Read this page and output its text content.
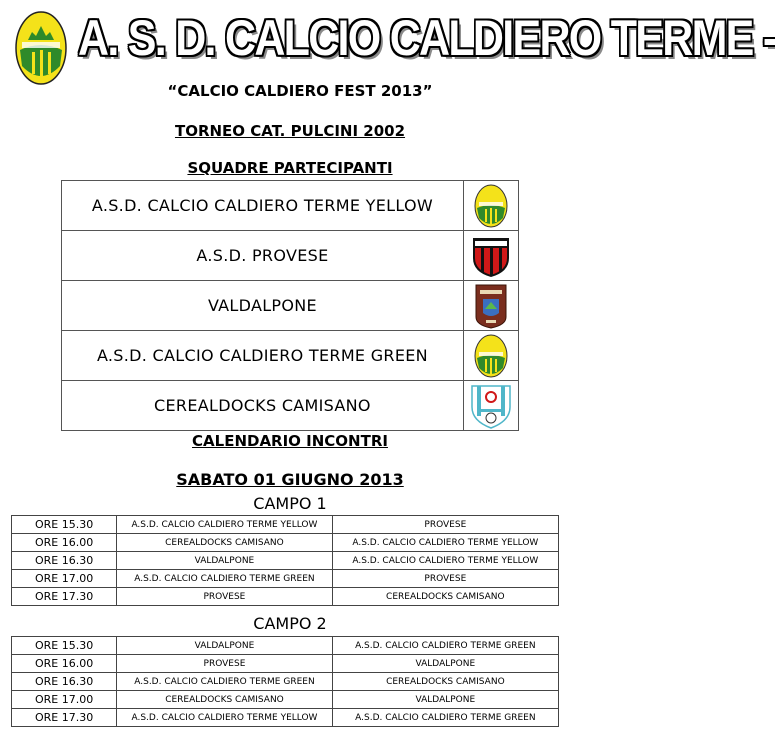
A. S. D. CALCIO CALDIERO TERME -
“CALCIO CALDIERO FEST 2013”
TORNEO CAT. PULCINI 2002
SQUADRE PARTECIPANTI
A.S.D. CALCIO CALDIERO TERME YELLOW	

A.S.D. PROVESE	

VALDALPONE	

A.S.D. CALCIO CALDIERO TERME GREEN	

CEREALDOCKS CAMISANO	
CALENDARIO INCONTRI
SABATO 01 GIUGNO 2013
CAMPO 1
ORE 15.30	A.S.D. CALCIO CALDIERO TERME YELLOW	PROVESE
ORE 16.00	CEREALDOCKS CAMISANO	A.S.D. CALCIO CALDIERO TERME YELLOW
ORE 16.30	VALDALPONE	A.S.D. CALCIO CALDIERO TERME YELLOW
ORE 17.00	A.S.D. CALCIO CALDIERO TERME GREEN	PROVESE
ORE 17.30	PROVESE	CEREALDOCKS CAMISANO
CAMPO 2
ORE 15.30	VALDALPONE	A.S.D. CALCIO CALDIERO TERME GREEN
ORE 16.00	PROVESE	VALDALPONE
ORE 16.30	A.S.D. CALCIO CALDIERO TERME GREEN	CEREALDOCKS CAMISANO
ORE 17.00	CEREALDOCKS CAMISANO	VALDALPONE
ORE 17.30	A.S.D. CALCIO CALDIERO TERME YELLOW	A.S.D. CALCIO CALDIERO TERME GREEN
